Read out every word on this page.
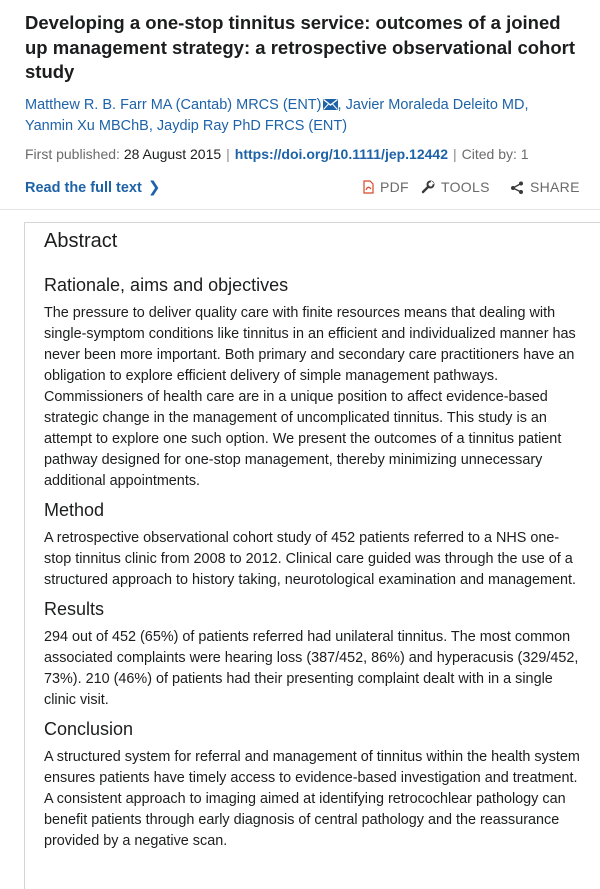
Developing a one-stop tinnitus service: outcomes of a joined up management strategy: a retrospective observational cohort study
Matthew R. B. Farr MA (Cantab) MRCS (ENT) , Javier Moraleda Deleito MD,
Yanmin Xu MBChB, Jaydip Ray PhD FRCS (ENT)
First published: 28 August 2015 | https://doi.org/10.1111/jep.12442 | Cited by: 1
Read the full text ❯	PDF TOOLS	SHARE
Abstract
Rationale, aims and objectives

The pressure to deliver quality care with finite resources means that dealing with single-symptom conditions like tinnitus in an efficient and individualized manner has never been more important. Both primary and secondary care practitioners have an obligation to explore efficient delivery of simple management pathways. Commissioners of health care are in a unique position to affect evidence-based strategic change in the management of uncomplicated tinnitus. This study is an attempt to explore one such option. We present the outcomes of a tinnitus patient pathway designed for one-stop management, thereby minimizing unnecessary additional appointments.

Method

A retrospective observational cohort study of 452 patients referred to a NHS one-stop tinnitus clinic from 2008 to 2012. Clinical care guided was through the use of a structured approach to history taking, neurotological examination and management.

Results

294 out of 452 (65%) of patients referred had unilateral tinnitus. The most common associated complaints were hearing loss (387/452, 86%) and hyperacusis (329/452, 73%). 210 (46%) of patients had their presenting complaint dealt with in a single clinic visit.

Conclusion

A structured system for referral and management of tinnitus within the health system ensures patients have timely access to evidence-based investigation and treatment. A consistent approach to imaging aimed at identifying retrocochlear pathology can benefit patients through early diagnosis of central pathology and the reassurance provided by a negative scan.
